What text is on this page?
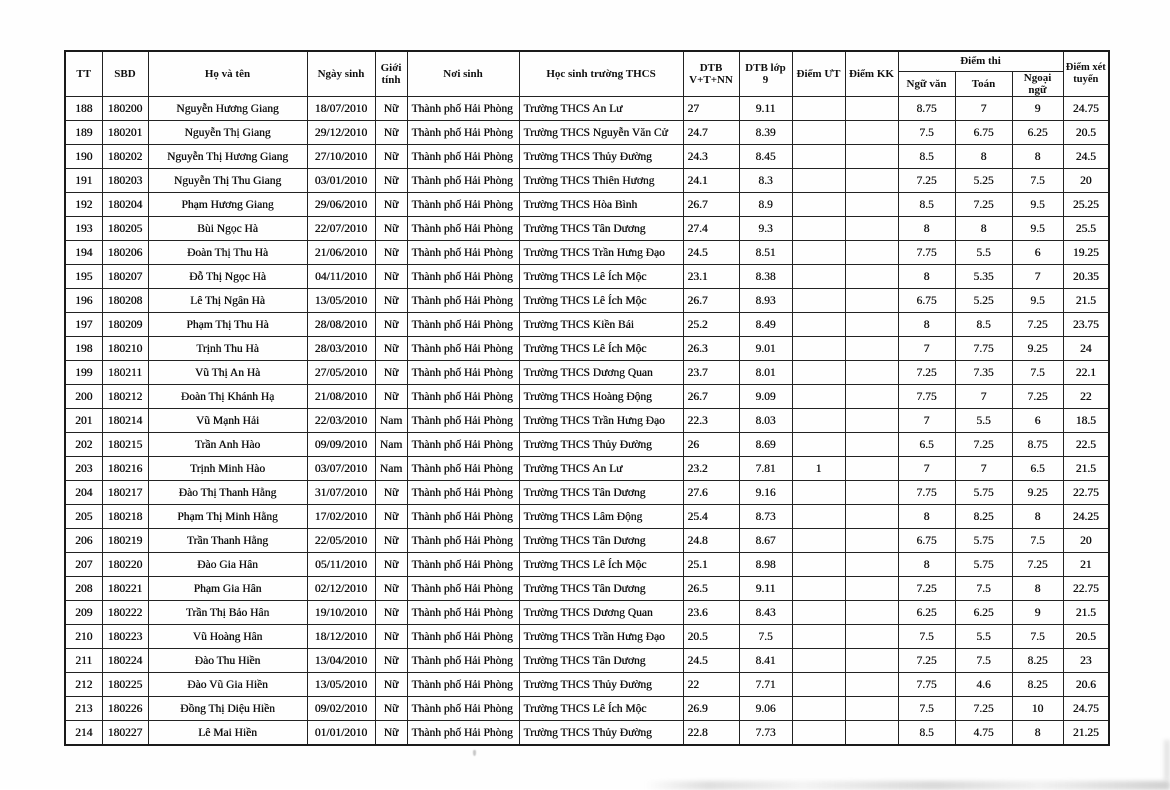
TT	SBD	Họ và tên	Ngày sinh	Giới tính	Nơi sinh	Học sinh trường THCS	DTB V+T+NN	DTB lớp 9	Điểm ƯT	Điểm KK	Điểm thi			Điểm xét tuyển
											Ngữ văn	Toán	Ngoại ngữ	
188	180200	Nguyễn Hương Giang	18/07/2010	Nữ	Thành phố Hải Phòng	Trường THCS An Lư	27	9.11			8.75	7	9	24.75
189	180201	Nguyễn Thị Giang	29/12/2010	Nữ	Thành phố Hải Phòng	Trường THCS Nguyễn Văn Cử	24.7	8.39			7.5	6.75	6.25	20.5
190	180202	Nguyễn Thị Hương Giang	27/10/2010	Nữ	Thành phố Hải Phòng	Trường THCS Thủy Đường	24.3	8.45			8.5	8	8	24.5
191	180203	Nguyễn Thị Thu Giang	03/01/2010	Nữ	Thành phố Hải Phòng	Trường THCS Thiên Hương	24.1	8.3			7.25	5.25	7.5	20
192	180204	Phạm Hương Giang	29/06/2010	Nữ	Thành phố Hải Phòng	Trường THCS Hòa Bình	26.7	8.9			8.5	7.25	9.5	25.25
193	180205	Bùi Ngọc Hà	22/07/2010	Nữ	Thành phố Hải Phòng	Trường THCS Tân Dương	27.4	9.3			8	8	9.5	25.5
194	180206	Đoàn Thị Thu Hà	21/06/2010	Nữ	Thành phố Hải Phòng	Trường THCS Trần Hưng Đạo	24.5	8.51			7.75	5.5	6	19.25
195	180207	Đỗ Thị Ngọc Hà	04/11/2010	Nữ	Thành phố Hải Phòng	Trường THCS Lê Ích Mộc	23.1	8.38			8	5.35	7	20.35
196	180208	Lê Thị Ngân Hà	13/05/2010	Nữ	Thành phố Hải Phòng	Trường THCS Lê Ích Mộc	26.7	8.93			6.75	5.25	9.5	21.5
197	180209	Phạm Thị Thu Hà	28/08/2010	Nữ	Thành phố Hải Phòng	Trường THCS Kiền Bái	25.2	8.49			8	8.5	7.25	23.75
198	180210	Trịnh Thu Hà	28/03/2010	Nữ	Thành phố Hải Phòng	Trường THCS Lê Ích Mộc	26.3	9.01			7	7.75	9.25	24
199	180211	Vũ Thị An Hà	27/05/2010	Nữ	Thành phố Hải Phòng	Trường THCS Dương Quan	23.7	8.01			7.25	7.35	7.5	22.1
200	180212	Đoàn Thị Khánh Hạ	21/08/2010	Nữ	Thành phố Hải Phòng	Trường THCS Hoàng Động	26.7	9.09			7.75	7	7.25	22
201	180214	Vũ Mạnh Hải	22/03/2010	Nam	Thành phố Hải Phòng	Trường THCS Trần Hưng Đạo	22.3	8.03			7	5.5	6	18.5
202	180215	Trần Anh Hào	09/09/2010	Nam	Thành phố Hải Phòng	Trường THCS Thủy Đường	26	8.69			6.5	7.25	8.75	22.5
203	180216	Trịnh Minh Hào	03/07/2010	Nam	Thành phố Hải Phòng	Trường THCS An Lư	23.2	7.81	1		7	7	6.5	21.5
204	180217	Đào Thị Thanh Hằng	31/07/2010	Nữ	Thành phố Hải Phòng	Trường THCS Tân Dương	27.6	9.16			7.75	5.75	9.25	22.75
205	180218	Phạm Thị Minh Hằng	17/02/2010	Nữ	Thành phố Hải Phòng	Trường THCS Lâm Động	25.4	8.73			8	8.25	8	24.25
206	180219	Trần Thanh Hằng	22/05/2010	Nữ	Thành phố Hải Phòng	Trường THCS Tân Dương	24.8	8.67			6.75	5.75	7.5	20
207	180220	Đào Gia Hân	05/11/2010	Nữ	Thành phố Hải Phòng	Trường THCS Lê Ích Mộc	25.1	8.98			8	5.75	7.25	21
208	180221	Phạm Gia Hân	02/12/2010	Nữ	Thành phố Hải Phòng	Trường THCS Tân Dương	26.5	9.11			7.25	7.5	8	22.75
209	180222	Trần Thị Bảo Hân	19/10/2010	Nữ	Thành phố Hải Phòng	Trường THCS Dương Quan	23.6	8.43			6.25	6.25	9	21.5
210	180223	Vũ Hoàng Hân	18/12/2010	Nữ	Thành phố Hải Phòng	Trường THCS Trần Hưng Đạo	20.5	7.5			7.5	5.5	7.5	20.5
211	180224	Đào Thu Hiền	13/04/2010	Nữ	Thành phố Hải Phòng	Trường THCS Tân Dương	24.5	8.41			7.25	7.5	8.25	23
212	180225	Đào Vũ Gia Hiền	13/05/2010	Nữ	Thành phố Hải Phòng	Trường THCS Thủy Đường	22	7.71			7.75	4.6	8.25	20.6
213	180226	Đồng Thị Diệu Hiền	09/02/2010	Nữ	Thành phố Hải Phòng	Trường THCS Lê Ích Mộc	26.9	9.06			7.5	7.25	10	24.75
214	180227	Lê Mai Hiền	01/01/2010	Nữ	Thành phố Hải Phòng	Trường THCS Thủy Đường	22.8	7.73			8.5	4.75	8	21.25
